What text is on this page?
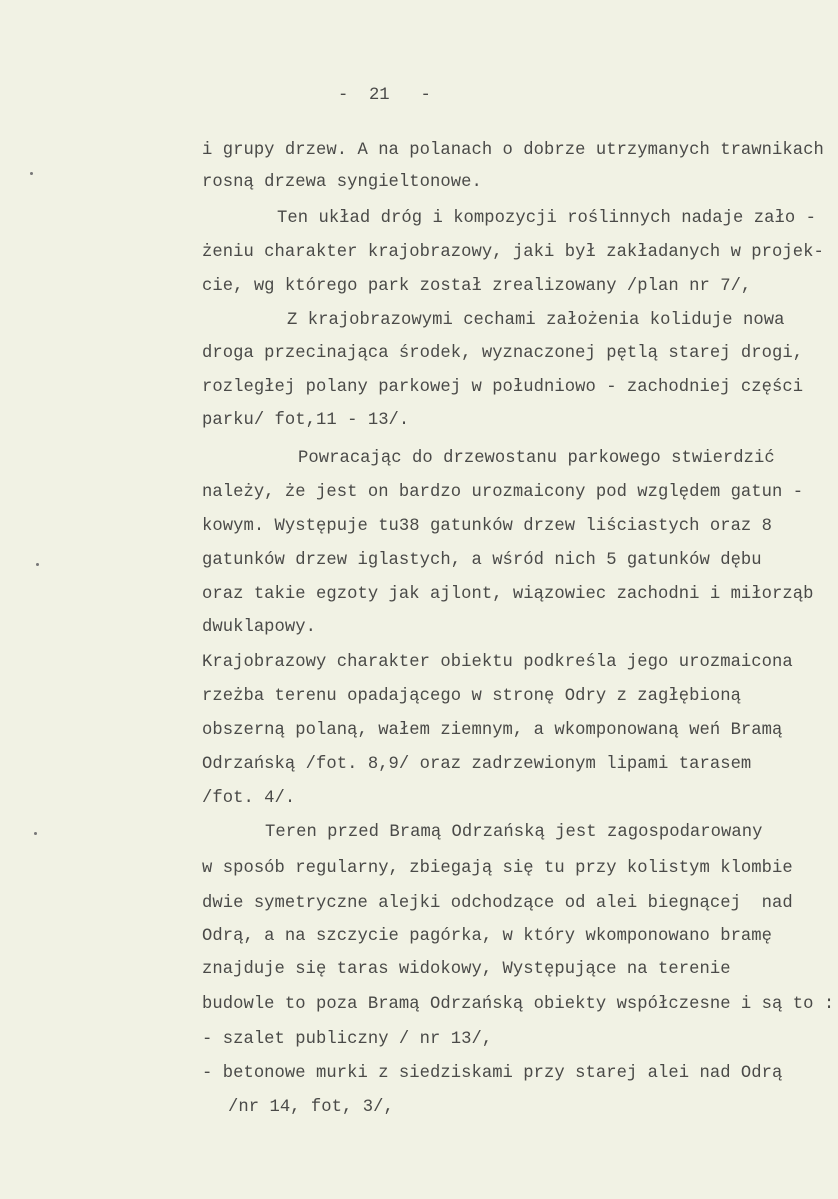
-  21   -
i grupy drzew. A na polanach o dobrze utrzymanych trawnikach
rosną drzewa syngieltonowe.
Ten układ dróg i kompozycji roślinnych nadaje zało -
żeniu charakter krajobrazowy, jaki był zakładanych w projek-
cie, wg którego park został zrealizowany /plan nr 7/,
Z krajobrazowymi cechami założenia koliduje nowa
droga przecinająca środek, wyznaczonej pętlą starej drogi,
rozległej polany parkowej w południowo - zachodniej części
parku/ fot,11 - 13/.
Powracając do drzewostanu parkowego stwierdzić
należy, że jest on bardzo urozmaicony pod względem gatun -
kowym. Występuje tu38 gatunków drzew liściastych oraz 8
gatunków drzew iglastych, a wśród nich 5 gatunków dębu
oraz takie egzoty jak ajlont, wiązowiec zachodni i miłorząb
dwuklapowy.
Krajobrazowy charakter obiektu podkreśla jego urozmaicona
rzeżba terenu opadającego w stronę Odry z zagłębioną
obszerną polaną, wałem ziemnym, a wkomponowaną weń Bramą
Odrzańską /fot. 8,9/ oraz zadrzewionym lipami tarasem
/fot. 4/.
Teren przed Bramą Odrzańską jest zagospodarowany
w sposób regularny, zbiegają się tu przy kolistym klombie
dwie symetryczne alejki odchodzące od alei biegnącej  nad
Odrą, a na szczycie pagórka, w który wkomponowano bramę
znajduje się taras widokowy, Występujące na terenie
budowle to poza Bramą Odrzańską obiekty współczesne i są to :
- szalet publiczny / nr 13/,
- betonowe murki z siedziskami przy starej alei nad Odrą
/nr 14, fot, 3/,
